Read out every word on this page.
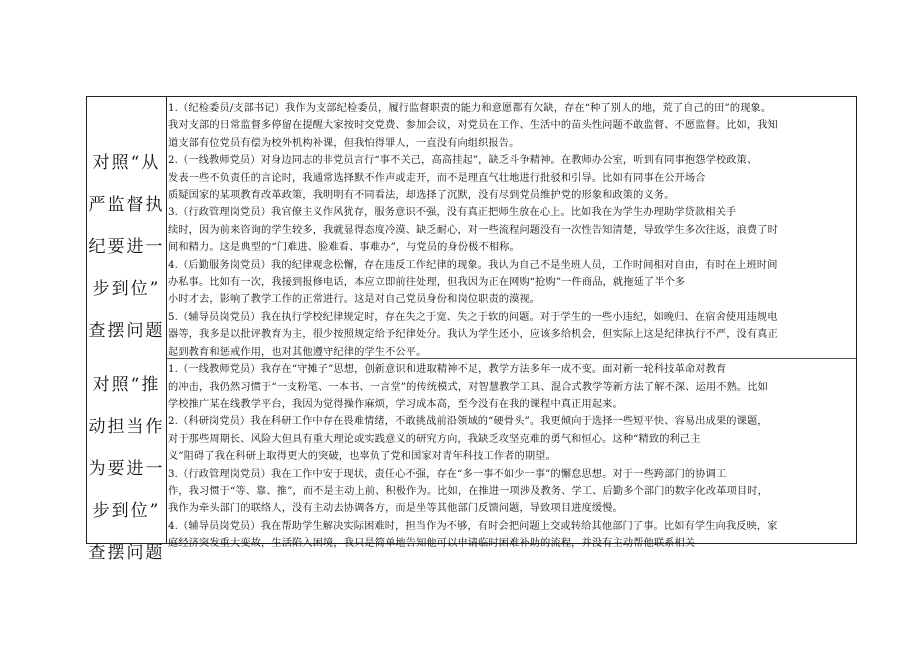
对照“从
严监督执
纪要进一
步到位”
查摆问题
对照“推
动担当作
为要进一
步到位”
查摆问题

1.（纪检委员/支部书记）我作为支部纪检委员，履行监督职责的能力和意愿都有欠缺，存在“种了别人的地，荒了自己的田”的现象。

我对支部的日常监督多停留在提醒大家按时交党费、参加会议，对党员在工作、生活中的苗头性问题不敢监督、不愿监督。比如，我知

道支部有位党员有偿为校外机构补课，但我怕得罪人，一直没有向组织报告。

2.（一线教师党员）对身边同志的非党员言行“事不关己，高高挂起”，缺乏斗争精神。在教师办公室，听到有同事抱怨学校政策、

发表一些不负责任的言论时，我通常选择默不作声或走开，而不是理直气壮地进行批驳和引导。比如有同事在公开场合

质疑国家的某项教育改革政策，我明明有不同看法，却选择了沉默，没有尽到党员维护党的形象和政策的义务。

3.（行政管理岗党员）我官僚主义作风犹存，服务意识不强，没有真正把师生放在心上。比如我在为学生办理助学贷款相关手

续时，因为前来咨询的学生较多，我就显得态度冷漠、缺乏耐心，对一些流程问题没有一次性告知清楚，导致学生多次往返，浪费了时

间和精力。这是典型的“门难进、脸难看、事难办”，与党员的身份极不相称。

4.（后勤服务岗党员）我的纪律观念松懈，存在违反工作纪律的现象。我认为自己不是坐班人员，工作时间相对自由，有时在上班时间

办私事。比如有一次，我接到报修电话，本应立即前往处理，但我因为正在网购“抢购”一件商品，就拖延了半个多

小时才去，影响了教学工作的正常进行。这是对自己党员身份和岗位职责的漠视。

5.（辅导员岗党员）我在执行学校纪律规定时，存在失之于宽、失之于软的问题。对于学生的一些小违纪，如晚归、在宿舍使用违规电

器等，我多是以批评教育为主，很少按照规定给予纪律处分。我认为学生还小，应该多给机会，但实际上这是纪律执行不严，没有真正

起到教育和惩戒作用，也对其他遵守纪律的学生不公平。

1.（一线教师党员）我存在“守摊子”思想，创新意识和进取精神不足，教学方法多年一成不变。面对新一轮科技革命对教育

的冲击，我仍然习惯于“一支粉笔、一本书、一言堂”的传统模式，对智慧教学工具、混合式教学等新方法了解不深、运用不熟。比如

学校推广某在线教学平台，我因为觉得操作麻烦，学习成本高，至今没有在我的课程中真正用起来。

2.（科研岗党员）我在科研工作中存在畏难情绪，不敢挑战前沿领域的“硬骨头”。我更倾向于选择一些短平快、容易出成果的课题，

对于那些周期长、风险大但具有重大理论或实践意义的研究方向，我缺乏攻坚克难的勇气和恒心。这种“精致的利己主

义”阻碍了我在科研上取得更大的突破，也辜负了党和国家对青年科技工作者的期望。

3.（行政管理岗党员）我在工作中安于现状，责任心不强，存在“多一事不如少一事”的懈怠思想。对于一些跨部门的协调工

作，我习惯于“等、靠、推”，而不是主动上前、积极作为。比如，在推进一项涉及教务、学工、后勤多个部门的数字化改革项目时，

我作为牵头部门的联络人，没有主动去协调各方，而是坐等其他部门反馈问题，导致项目进度缓慢。

4.（辅导员岗党员）我在帮助学生解决实际困难时，担当作为不够，有时会把问题上交或转给其他部门了事。比如有学生向我反映，家

庭经济突发重大变故，生活陷入困境，我只是简单地告知他可以申请临时困难补助的流程，并没有主动帮他联系相关
